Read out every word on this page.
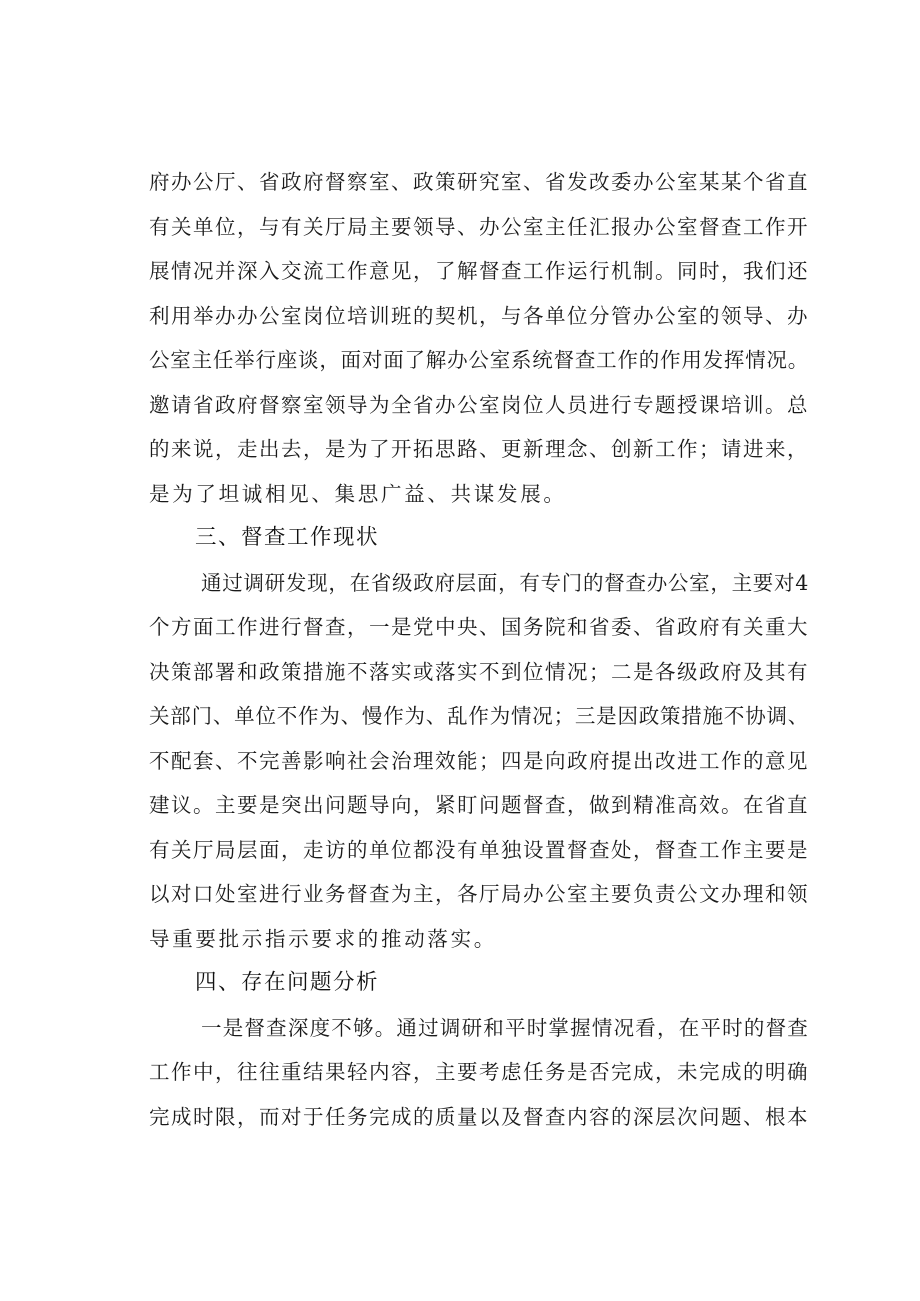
府办公厅、省政府督察室、政策研究室、省发改委办公室某某个省直
有关单位，与有关厅局主要领导、办公室主任汇报办公室督查工作开
展情况并深入交流工作意见，了解督查工作运行机制。同时，我们还
利用举办办公室岗位培训班的契机，与各单位分管办公室的领导、办
公室主任举行座谈，面对面了解办公室系统督查工作的作用发挥情况。
邀请省政府督察室领导为全省办公室岗位人员进行专题授课培训。总
的来说，走出去，是为了开拓思路、更新理念、创新工作；请进来，
是为了坦诚相见、集思广益、共谋发展。
三、督查工作现状
通过调研发现，在省级政府层面，有专门的督查办公室，主要对4
个方面工作进行督查，一是党中央、国务院和省委、省政府有关重大
决策部署和政策措施不落实或落实不到位情况；二是各级政府及其有
关部门、单位不作为、慢作为、乱作为情况；三是因政策措施不协调、
不配套、不完善影响社会治理效能；四是向政府提出改进工作的意见
建议。主要是突出问题导向，紧盯问题督查，做到精准高效。在省直
有关厅局层面，走访的单位都没有单独设置督查处，督查工作主要是
以对口处室进行业务督查为主，各厅局办公室主要负责公文办理和领
导重要批示指示要求的推动落实。
四、存在问题分析
一是督查深度不够。通过调研和平时掌握情况看，在平时的督查
工作中，往往重结果轻内容，主要考虑任务是否完成，未完成的明确
完成时限，而对于任务完成的质量以及督查内容的深层次问题、根本
